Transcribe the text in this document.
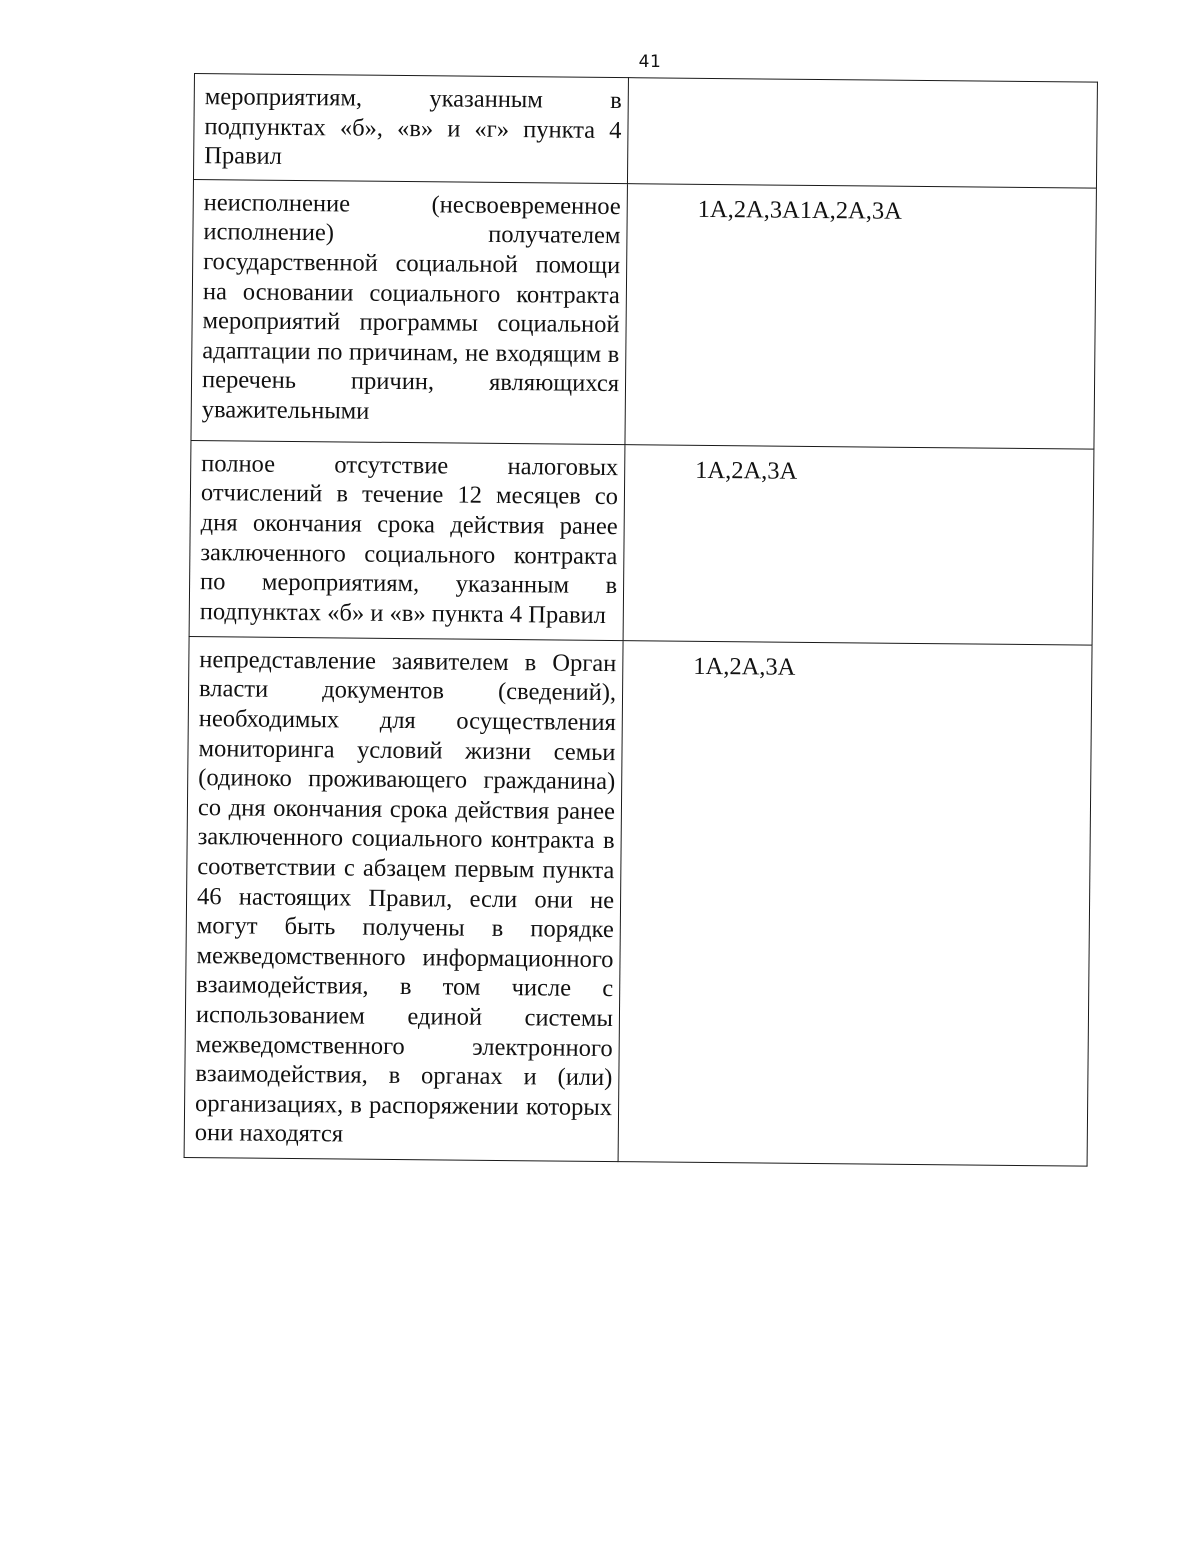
41
мероприятиям, указанным в подпунктах «б», «в» и «г» пункта 4 Правил	
неисполнение (несвоевременное исполнение) получателем государственной социальной помощи на основании социального контракта мероприятий программы социальной адаптации по причинам, не входящим в перечень причин, являющихся уважительными	1А,2А,3А1А,2А,3А
полное отсутствие налоговых отчислений в течение 12 месяцев со дня окончания срока действия ранее заключенного социального контракта по мероприятиям, указанным в подпунктах «б» и «в» пункта 4 Правил	1А,2А,3А
непредставление заявителем в Орган власти документов (сведений), необходимых для осуществления мониторинга условий жизни семьи (одиноко проживающего гражданина) со дня окончания срока действия ранее заключенного социального контракта в соответствии с абзацем первым пункта 46 настоящих Правил, если они не могут быть получены в порядке межведомственного информационного взаимодействия, в том числе с использованием единой системы межведомственного электронного взаимодействия, в органах и (или) организациях, в распоряжении которых они находятся	1А,2А,3А
